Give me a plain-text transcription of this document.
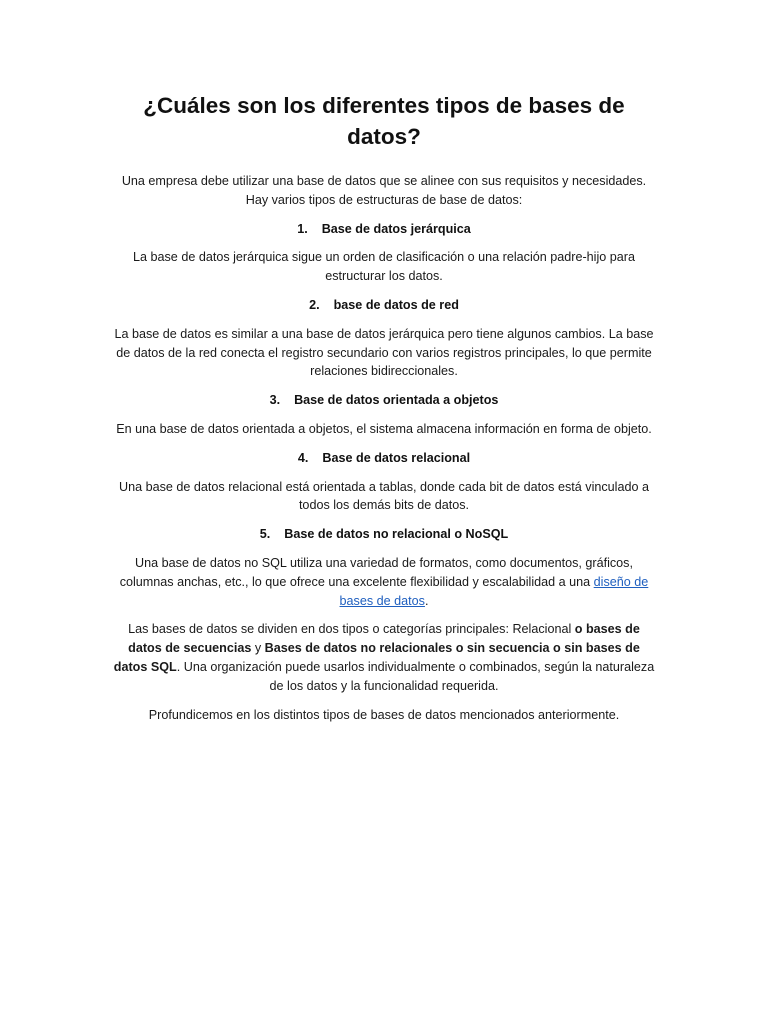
¿Cuáles son los diferentes tipos de bases de datos?

Una empresa debe utilizar una base de datos que se alinee con sus requisitos y necesidades. Hay varios tipos de estructuras de base de datos:

1. Base de datos jerárquica

La base de datos jerárquica sigue un orden de clasificación o una relación padre-hijo para estructurar los datos.

2. base de datos de red

La base de datos es similar a una base de datos jerárquica pero tiene algunos cambios. La base de datos de la red conecta el registro secundario con varios registros principales, lo que permite relaciones bidireccionales.

3. Base de datos orientada a objetos

En una base de datos orientada a objetos, el sistema almacena información en forma de objeto.

4. Base de datos relacional

Una base de datos relacional está orientada a tablas, donde cada bit de datos está vinculado a todos los demás bits de datos.

5. Base de datos no relacional o NoSQL

Una base de datos no SQL utiliza una variedad de formatos, como documentos, gráficos, columnas anchas, etc., lo que ofrece una excelente flexibilidad y escalabilidad a una diseño de bases de datos.

Las bases de datos se dividen en dos tipos o categorías principales: Relacional o bases de datos de secuencias y Bases de datos no relacionales o sin secuencia o sin bases de datos SQL. Una organización puede usarlos individualmente o combinados, según la naturaleza de los datos y la funcionalidad requerida.

Profundicemos en los distintos tipos de bases de datos mencionados anteriormente.
